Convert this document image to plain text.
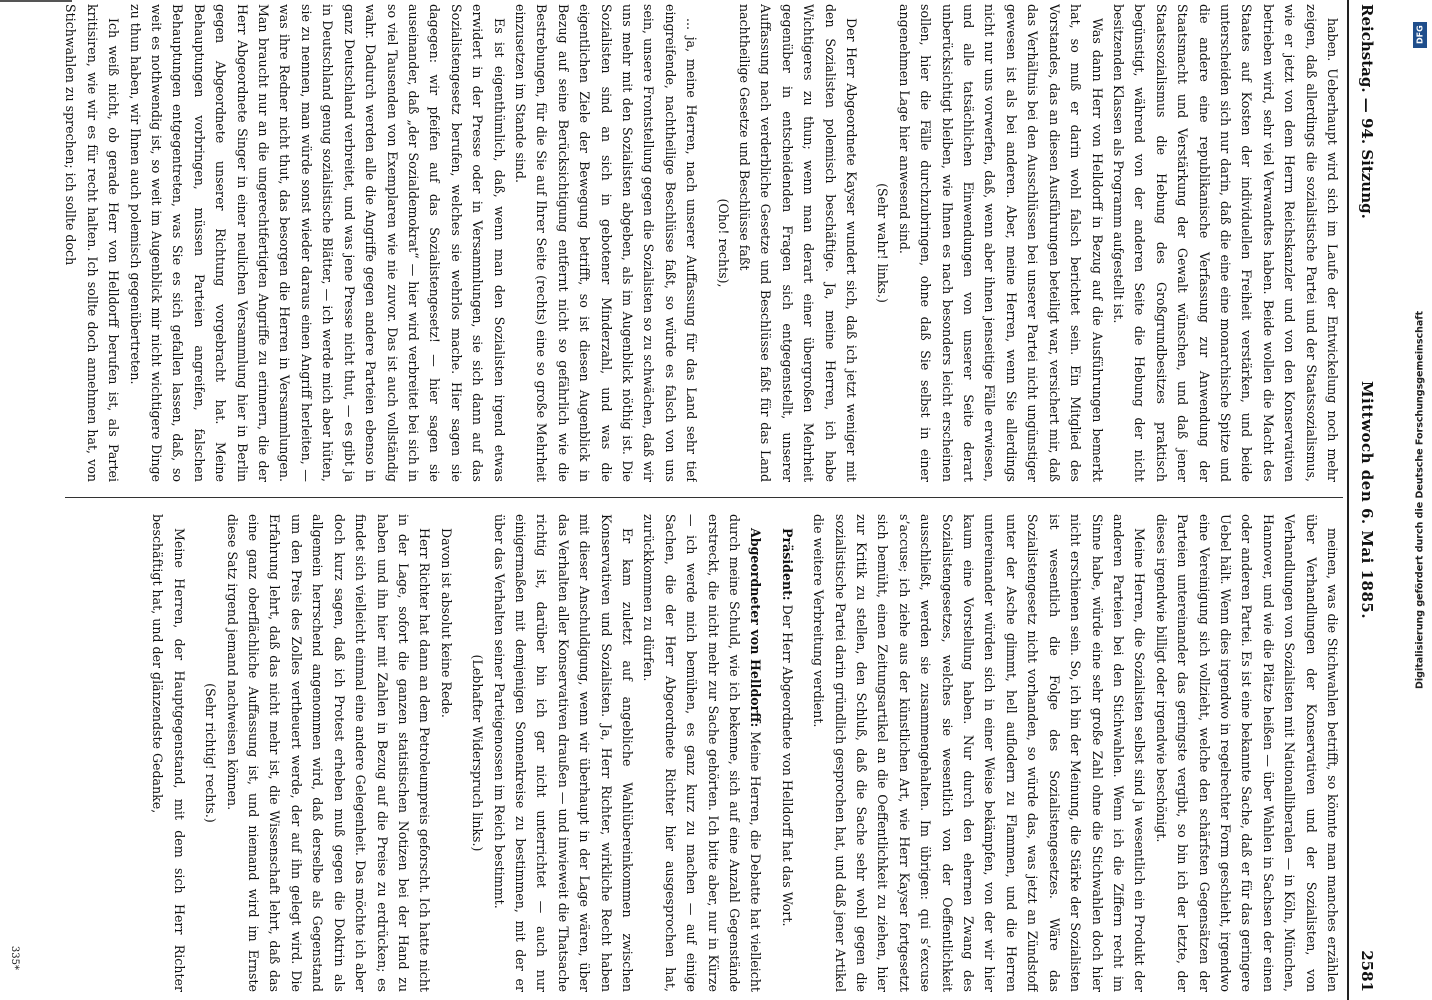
Reichstag. — 94. Sitzung.
Mittwoch den 6. Mai 1885.
2581

haben. Ueberhaupt wird sich im Laufe der Entwickelung noch mehr zeigen, daß allerdings die sozialistische Partei und der Staatssozialismus, wie er jetzt von dem Herrn Reichskanzler und von den Konservativen betrieben wird, sehr viel Verwandtes haben. Beide wollen die Macht des Staates auf Kosten der individuellen Freiheit verstärken, und beide unterscheiden sich nur darin, daß die eine eine monarchische Spitze und die andere eine republikanische Verfassung zur Anwendung der Staatsmacht und Verstärkung der Gewalt wünschen, und daß jener Staatssozialismus die Hebung des Großgrundbesitzes praktisch begünstigt, während von der anderen Seite die Hebung der nicht besitzenden Klassen als Programm aufgestellt ist.

Was dann Herr von Helldorff in Bezug auf die Ausführungen bemerkt hat, so muß er darin wohl falsch berichtet sein. Ein Mitglied des Vorstandes, das an diesen Ausführungen beteiligt war, versichert mir, daß das Verhältnis bei den Ausschlüssen bei unserer Partei nicht ungünstiger gewesen ist als bei anderen. Aber, meine Herren, wenn Sie allerdings nicht nur uns vorwerfen, daß, wenn aber ihnen jenseitige Fälle erwiesen, und alle tatsächlichen Einwendungen von unserer Seite derart unberücksichtigt bleiben, wie Ihnen es nach besonders leicht erscheinen sollen, hier die Fälle durchzubringen, ohne daß Sie selbst in einer angenehmen Lage hier anwesend sind.

(Sehr wahr! links.)

Der Herr Abgeordnete Kayser wundert sich, daß ich jetzt weniger mit den Sozialisten polemisch beschäftige. Ja, meine Herren, ich habe Wichtigeres zu thun; wenn man derart einer übergroßen Mehrheit gegenüber in entscheidenden Fragen sich entgegenstellt, unserer Auffassung nach verderbliche Gesetze und Beschlüsse faßt für das Land nachtheilige Gesetze und Beschlüsse faßt

(Oho! rechts),

... ja, meine Herren, nach unserer Auffassung für das Land sehr tief eingreifende, nachtheilige Beschlüsse faßt, so würde es falsch von uns sein, unsere Frontstellung gegen die Sozialisten so zu schwächen, daß wir uns mehr mit den Sozialisten abgeben, als im Augenblick nöthig ist. Die Sozialisten sind an sich in gebotener Minderzahl, und was die eigentlichen Ziele der Bewegung betrifft, so ist diesen Augenblick in Bezug auf seine Berücksichtigung entfernt nicht so gefährlich wie die Bestrebungen, für die Sie auf Ihrer Seite (rechts) eine so große Mehrheit einzusetzen im Stande sind.

Es ist eigenthümlich, daß, wenn man den Sozialisten irgend etwas erwidert in der Presse oder in Versammlungen, sie sich dann auf das Sozialistengesetz berufen, welches sie wehrlos mache. Hier sagen sie dagegen: wir pfeifen auf das Sozialistengesetz! — hier sagen sie auseinander, daß „der Sozialdemokrat“ — hier wird verbreitet bei sich in so viel Tausenden von Exemplaren wie nie zuvor. Das ist auch vollständig wahr. Dadurch werden alle die Angriffe gegen andere Parteien ebenso in ganz Deutschland verbreitet, und was jene Presse nicht thut, — es gibt ja in Deutschland genug sozialistische Blätter, — ich werde mich aber hüten, sie zu nennen, man würde sonst wieder daraus einen Angriff herleiten, — was ihre Redner nicht thut, das besorgen die Herren in Versammlungen. Man braucht nur an die ungerechtfertigten Angriffe zu erinnern, die der Herr Abgeordnete Singer in einer neulichen Versammlung hier in Berlin gegen Abgeordnete unserer Richtung vorgebracht hat. Meine Behauptungen vorbringen, müssen Parteien angreifen, falschen Behauptungen entgegentreten, was Sie es sich gefallen lassen, daß, so weit es nothwendig ist, so weit im Augenblick mir nicht wichtigere Dinge zu thun haben, wir Ihnen auch polemisch gegenübertreten.

Ich weiß nicht, ob gerade Herr von Helldorff berufen ist, als Partei kritisiren, wie wir es für recht halten. Ich sollte doch annehmen hat, von Stichwahlen zu sprechen; ich sollte doch

meinen, was die Stichwahlen betrifft, so könnte man manches erzählen über Verhandlungen der Konservativen und der Sozialisten, von Verhandlungen von Sozialisten mit Nationalliberalen — in Köln, München, Hannover, und wie die Plätze heißen — über Wahlen in Sachsen der einen oder anderen Partei. Es ist eine bekannte Sache, daß er für das geringere Uebel hält. Wenn dies irgendwo in regelrechter Form geschieht, irgendwo eine Vereinigung sich vollzieht, welche den schärfsten Gegensätzen der Parteien untereinander das geringste vergibt, so bin ich der letzte, der dieses irgendwie billigt oder irgendwie beschönigt.

Meine Herren, die Sozialisten selbst sind ja wesentlich ein Produkt der anderen Parteien bei den Stichwahlen. Wenn ich die Ziffern recht im Sinne habe, würde eine sehr große Zahl ohne die Stichwahlen doch hier nicht erschienen sein. So, ich bin der Meinung, die Stärke der Sozialisten ist wesentlich die Folge des Sozialistengesetzes. Wäre das Sozialistengesetz nicht vorhanden, so würde das, was jetzt an Zündstoff unter der Asche glimmt, hell auflodern zu Flammen, und die Herren untereinander würden sich in einer Weise bekämpfen, von der wir hier kaum eine Vorstellung haben. Nur durch den ehernen Zwang des Sozialistengesetzes, welches sie wesentlich von der Oeffentlichkeit ausschließt, werden sie zusammengehalten. Im übrigen: qui s’excuse s’accuse; ich ziehe aus der künstlichen Art, wie Herr Kayser fortgesetzt sich bemüht, einen Zeitungsartikel an die Oeffentlichkeit zu ziehen, hier zur Kritik zu stellen, den Schluß, daß die Sache sehr wohl gegen die sozialistische Partei darin gründlich gesprochen hat, und daß jener Artikel die weitere Verbreitung verdient.

Präsident: Der Herr Abgeordnete von Helldorff hat das Wort.

Abgeordneter von Helldorff: Meine Herren, die Debatte hat vielleicht durch meine Schuld, wie ich bekenne, sich auf eine Anzahl Gegenstände erstreckt, die nicht mehr zur Sache gehörten. Ich bitte aber, nur in Kürze — ich werde mich bemühen, es ganz kurz zu machen — auf einige Sachen, die der Herr Abgeordnete Richter hier ausgesprochen hat, zurückkommen zu dürfen.

Er kam zuletzt auf angebliche Wahlübereinkommen zwischen Konservativen und Sozialisten. Ja, Herr Richter, wirkliche Recht haben mit dieser Anschuldigung, wenn wir überhaupt in der Lage wären, über das Verhalten aller Konservativen draußen — und inwieweit die Thatsache richtig ist, darüber bin ich gar nicht unterrichtet — auch nur einigermaßen mit demjenigen Sonnenkreise zu bestimmen, mit der er über das Verhalten seiner Parteigenossen im Reich bestimmt.

(Lebhafter Widerspruch links.)

Davon ist absolut keine Rede.

Herr Richter hat dann an dem Petroleumpreis geforscht. Ich hatte nicht in der Lage, sofort die ganzen statistischen Notizen bei der Hand zu haben und ihn hier mit Zahlen in Bezug auf die Preise zu erdrücken; es findet sich vielleicht einmal eine andere Gelegenheit. Das möchte ich aber doch kurz sagen, daß ich Protest erheben muß gegen die Doktrin als allgemein herrschend angenommen wird, daß derselbe als Gegenstand um den Preis des Zolles vertheuert werde, der auf ihn gelegt wird. Die Erfahrung lehrt, daß das nicht mehr ist, die Wissenschaft lehrt, daß das eine ganz oberflächliche Auffassung ist, und niemand wird im Ernste diese Satz irgend jemand nachweisen können.

(Sehr richtig! rechts.)

Meine Herren, der Hauptgegenstand, mit dem sich Herr Richter beschäftigt hat, und der glänzendste Gedanke,

335*
Digitalisierung gefördert durch die Deutsche Forschungsgemeinschaft
DFG
